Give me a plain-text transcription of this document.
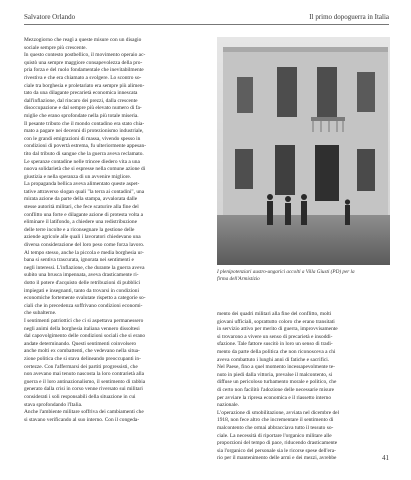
Salvatore Orlando	Il primo dopoguerra in Italia

Mezzogiorno che reagì a queste misure con un disagio

sociale sempre più crescente.

In questo contesto postbellico, il movimento operaio ac-

quistò una sempre maggiore consapevolezza della pro-

pria forza e del ruolo fondamentale che inevitabilmente

rivestiva e che era chiamato a svolgere. Lo scontro so-

ciale tra borghesia e proletariato era sempre più alimen-

tato da una dilagante precarietà economica innescata

dall'inflazione, dal rincaro dei prezzi, dalla crescente

disoccupazione e dal sempre più elevato numero di fa-

miglie che erano sprofondate nella più totale miseria.

Il pesante tributo che il mondo contadino era stato chia-

mato a pagare nei decenni di protezionismo industriale,

con le grandi emigrazioni di massa, vivendo spesso in

condizioni di povertà estrema, fu ulteriormente appesan-

tito dal tributo di sangue che la guerra aveva reclamato.

Le speranze contadine nelle trincee diedero vita a una

nuova solidarietà che si espresse nella comune azione di

giustizia e nella speranza di un avvenire migliore.

La propaganda bellica aveva alimentato queste aspet-

tative attraverso slogan quali "la terra ai contadini", una

mirata azione da parte della stampa, avvalorata dalle

stesse autorità militari, che fece scaturire alla fine del

conflitto una forte e dilagante azione di protesta volta a

eliminare il latifondo, a chiedere una redistribuzione

delle terre incolte e a riconsegnare la gestione delle

aziende agricole alle quali i lavoratori chiedevano una

diversa considerazione del loro peso come forza lavoro.

Al tempo stesso, anche la piccola e media borghesia ur-

bana si sentiva trascurata, ignorata nei sentimenti e

negli interessi. L'inflazione, che durante la guerra aveva

subito una brusca impennata, aveva drasticamente ri-

dotto il potere d'acquisto delle retribuzioni di pubblici

impiegati e insegnanti, tanto da trovarsi in condizioni

economiche fortemente svalutate rispetto a categorie so-

ciali che in precedenza soffrivano condizioni economi-

che subalterne.

I sentimenti patriottici che ci si aspettava permanessero

negli animi della borghesia italiana vennero dissoltesi

dal capovolgimento delle condizioni sociali che si erano

andate determinando. Questi sentimenti coinvolsero

anche molti ex combattenti, che vedevano nella situa-

zione politica che si stava delineando preoccupanti in-

certezze. Con l'affermarsi dei partiti progressisti, che

non avevano mai tenuto nascosta la loro contrarietà alla

guerra e il loro antinazionalismo, il sentimento di rabbia

generato dalla crisi in corso venne riversato sui militari

considerati i soli responsabili della situazione in cui

stava sprofondando l'Italia.

Anche l'ambiente militare soffriva dei cambiamenti che

si stavano verificando al suo interno. Con il congeda-

I plenipotenziari austro-ungarici accolti a Villa Giusti (PD) per la
firma dell'Armistizio

mento dei quadri militari alla fine del conflitto, molti

giovani ufficiali, soprattutto coloro che erano transitati

in servizio attivo per merito di guerra, improvvisamente

si trovarono a vivere un senso di precarietà e insoddi-

sfazione. Tale fattore suscitò in loro un senso di tradi-

mento da parte della politica che non riconosceva a chi

aveva combattuto i lunghi anni di fatiche e sacrifici.

Nel Paese, fino a quel momento incessapevolmente te-

nuto in piedi dalla vittoria, prevalse il malcontento, si

diffuse un pericoloso turbamento morale e politico, che

di certo non facilitò l'adozione delle necessarie misure

per avviare la ripresa economica e il riassetto interno

nazionale.

L'operazione di smobilitazione, avviata nel dicembre del

1918, non fece altro che incrementare il sentimento di

malcontento che ormai abbracciava tutto il tessuto so-

ciale. La necessità di riportare l'organico militare alle

proporzioni del tempo di pace, riducendo drasticamente

sia l'organico del personale sia le ricorse spese dell'era-

rio per il mantenimento delle armi e dei mezzi, avrebbe	41
